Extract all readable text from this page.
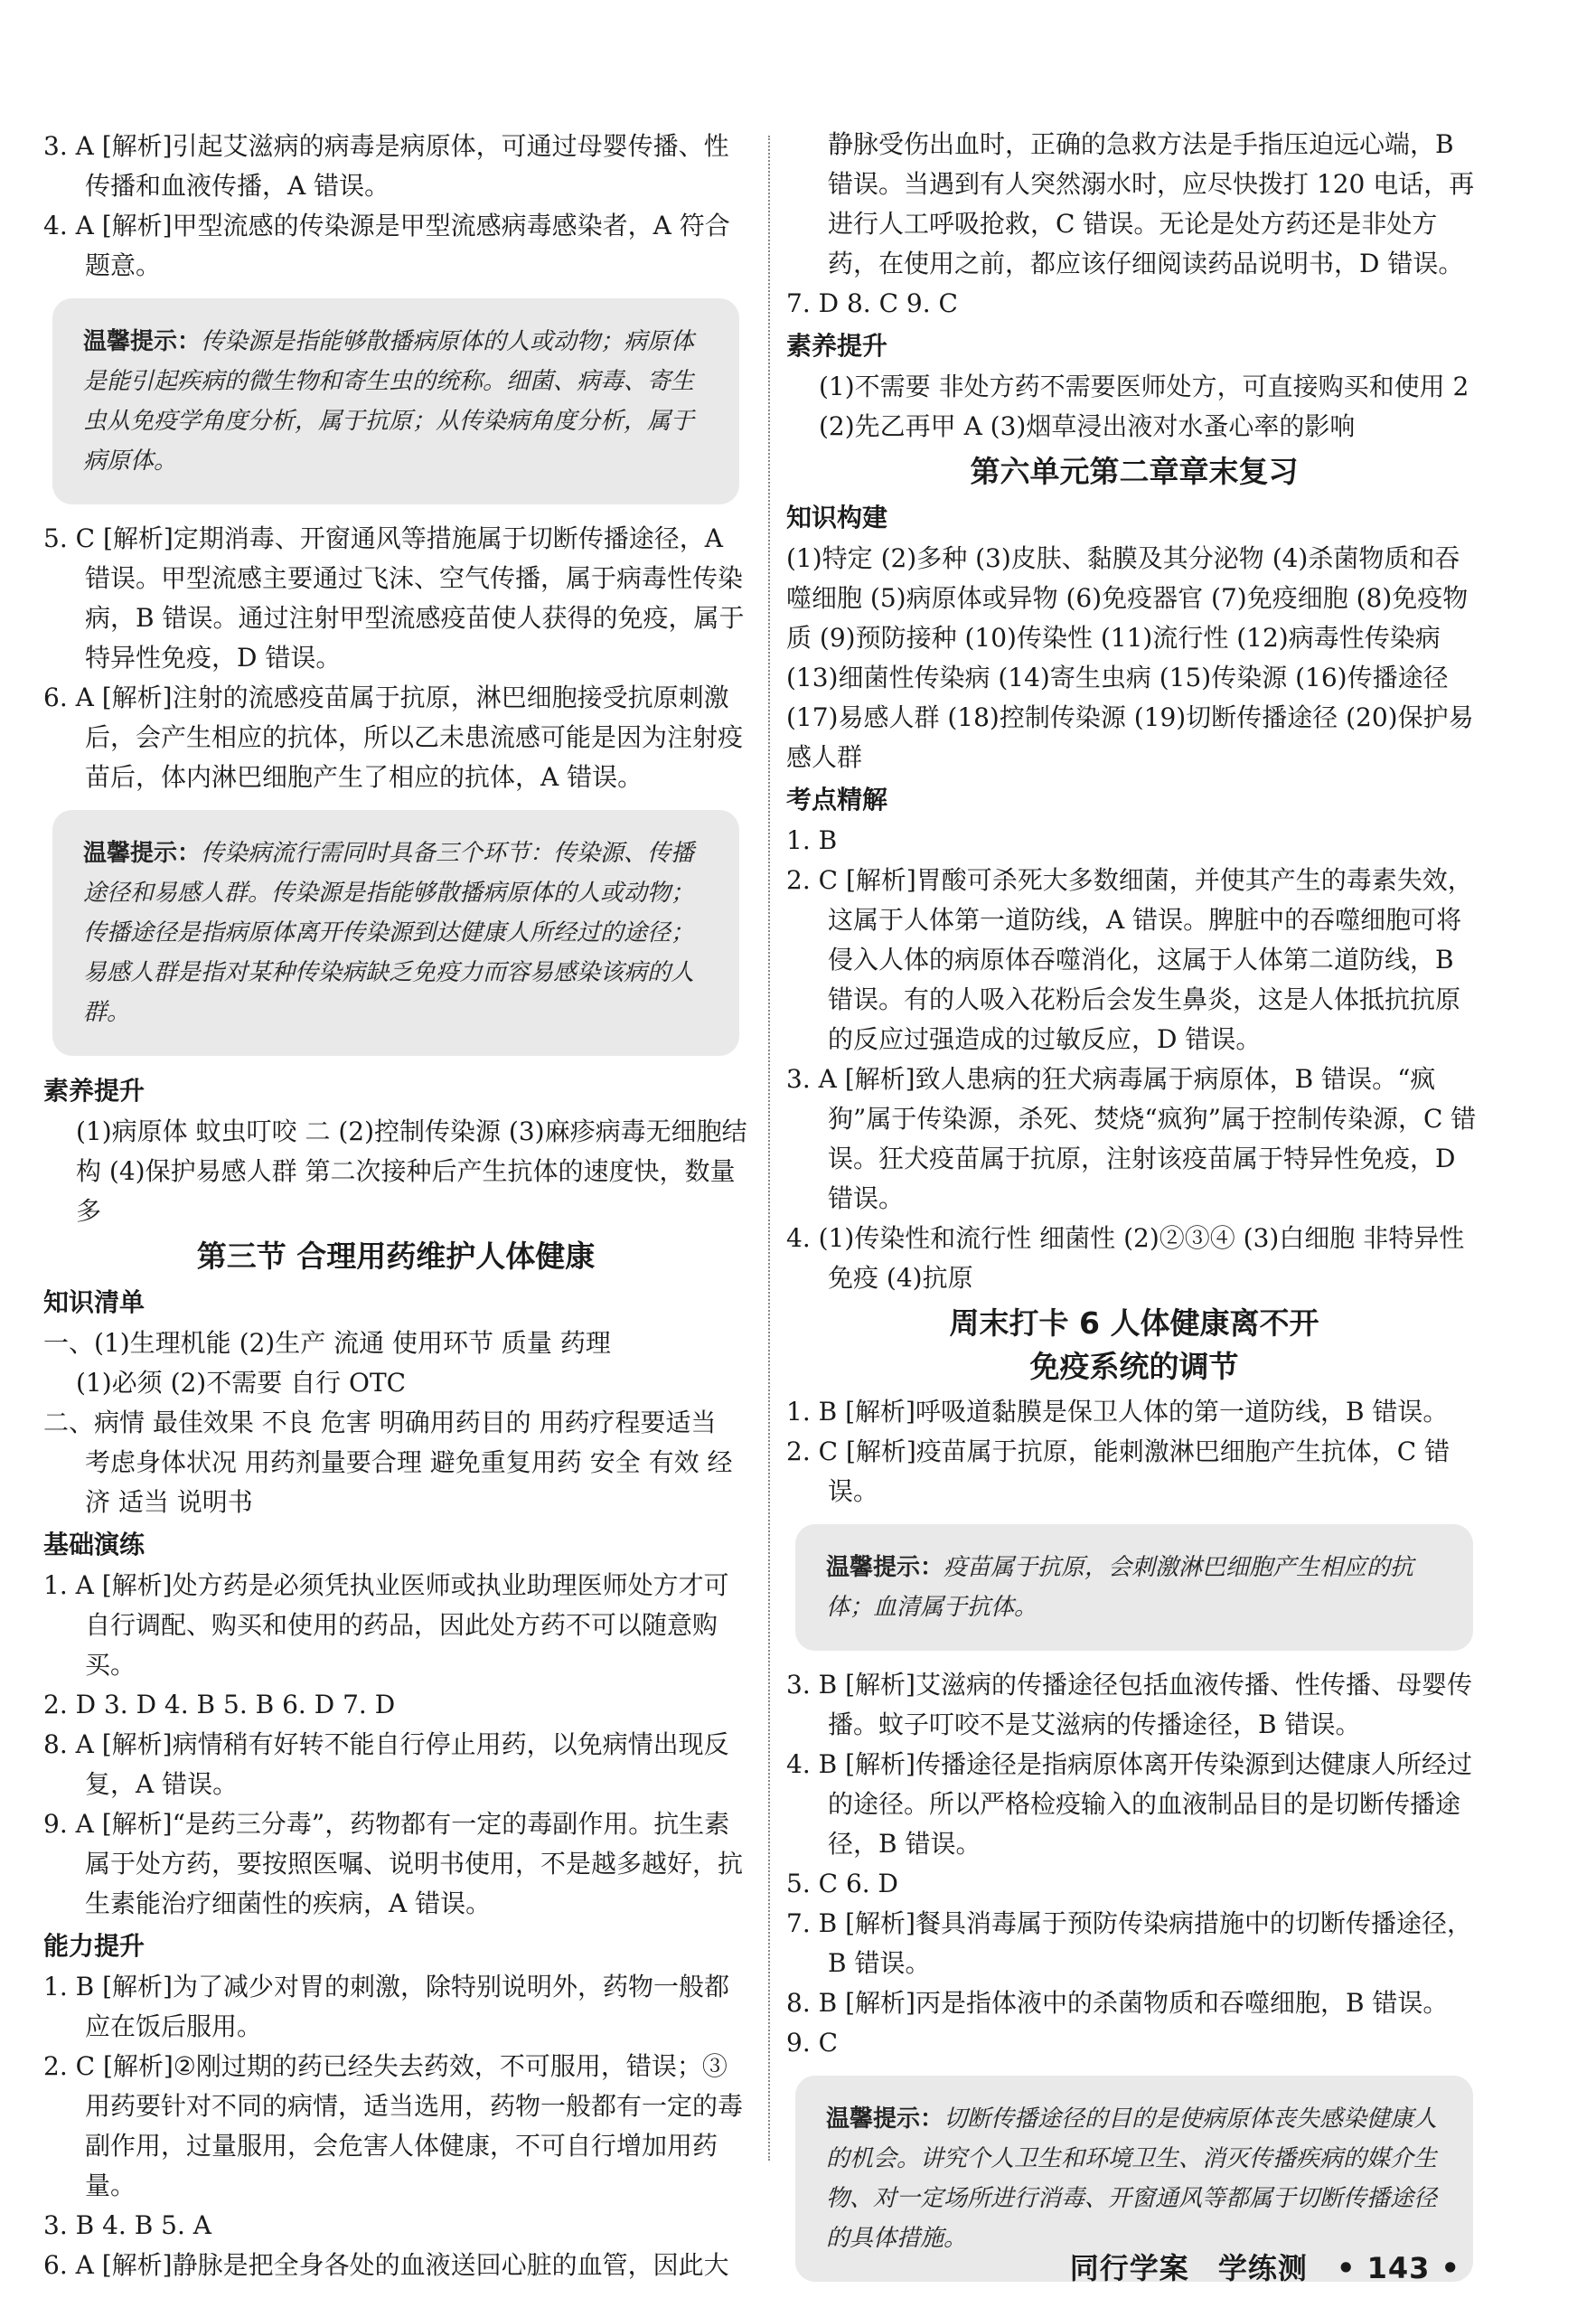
3. A [解析]引起艾滋病的病毒是病原体，可通过母婴传播、性传播和血液传播，A 错误。

4. A [解析]甲型流感的传染源是甲型流感病毒感染者，A 符合题意。

温馨提示：传染源是指能够散播病原体的人或动物；病原体是能引起疾病的微生物和寄生虫的统称。细菌、病毒、寄生虫从免疫学角度分析，属于抗原；从传染病角度分析，属于病原体。

5. C [解析]定期消毒、开窗通风等措施属于切断传播途径，A 错误。甲型流感主要通过飞沫、空气传播，属于病毒性传染病，B 错误。通过注射甲型流感疫苗使人获得的免疫，属于特异性免疫，D 错误。

6. A [解析]注射的流感疫苗属于抗原，淋巴细胞接受抗原刺激后，会产生相应的抗体，所以乙未患流感可能是因为注射疫苗后，体内淋巴细胞产生了相应的抗体，A 错误。

温馨提示：传染病流行需同时具备三个环节：传染源、传播途径和易感人群。传染源是指能够散播病原体的人或动物；传播途径是指病原体离开传染源到达健康人所经过的途径；易感人群是指对某种传染病缺乏免疫力而容易感染该病的人群。

素养提升

(1)病原体 蚊虫叮咬 二 (2)控制传染源 (3)麻疹病毒无细胞结构 (4)保护易感人群 第二次接种后产生抗体的速度快，数量多

第三节 合理用药维护人体健康

知识清单

一、(1)生理机能 (2)生产 流通 使用环节 质量 药理

(1)必须 (2)不需要 自行 OTC

二、病情 最佳效果 不良 危害 明确用药目的 用药疗程要适当 考虑身体状况 用药剂量要合理 避免重复用药 安全 有效 经济 适当 说明书

基础演练

1. A [解析]处方药是必须凭执业医师或执业助理医师处方才可自行调配、购买和使用的药品，因此处方药不可以随意购买。

2. D 3. D 4. B 5. B 6. D 7. D

8. A [解析]病情稍有好转不能自行停止用药，以免病情出现反复，A 错误。

9. A [解析]“是药三分毒”，药物都有一定的毒副作用。抗生素属于处方药，要按照医嘱、说明书使用，不是越多越好，抗生素能治疗细菌性的疾病，A 错误。

能力提升

1. B [解析]为了减少对胃的刺激，除特别说明外，药物一般都应在饭后服用。

2. C [解析]②刚过期的药已经失去药效，不可服用，错误；③用药要针对不同的病情，适当选用，药物一般都有一定的毒副作用，过量服用，会危害人体健康，不可自行增加用药量。

3. B 4. B 5. A

6. A [解析]静脉是把全身各处的血液送回心脏的血管，因此大

静脉受伤出血时，正确的急救方法是手指压迫远心端，B 错误。当遇到有人突然溺水时，应尽快拨打 120 电话，再进行人工呼吸抢救，C 错误。无论是处方药还是非处方药，在使用之前，都应该仔细阅读药品说明书，D 错误。

7. D 8. C 9. C

素养提升

(1)不需要 非处方药不需要医师处方，可直接购买和使用 2 (2)先乙再甲 A (3)烟草浸出液对水蚤心率的影响

第六单元第二章章末复习

知识构建

(1)特定 (2)多种 (3)皮肤、黏膜及其分泌物 (4)杀菌物质和吞噬细胞 (5)病原体或异物 (6)免疫器官 (7)免疫细胞 (8)免疫物质 (9)预防接种 (10)传染性 (11)流行性 (12)病毒性传染病 (13)细菌性传染病 (14)寄生虫病 (15)传染源 (16)传播途径 (17)易感人群 (18)控制传染源 (19)切断传播途径 (20)保护易感人群

考点精解

1. B

2. C [解析]胃酸可杀死大多数细菌，并使其产生的毒素失效，这属于人体第一道防线，A 错误。脾脏中的吞噬细胞可将侵入人体的病原体吞噬消化，这属于人体第二道防线，B 错误。有的人吸入花粉后会发生鼻炎，这是人体抵抗抗原的反应过强造成的过敏反应，D 错误。

3. A [解析]致人患病的狂犬病毒属于病原体，B 错误。“疯狗”属于传染源，杀死、焚烧“疯狗”属于控制传染源，C 错误。狂犬疫苗属于抗原，注射该疫苗属于特异性免疫，D 错误。

4. (1)传染性和流行性 细菌性 (2)②③④ (3)白细胞 非特异性免疫 (4)抗原

周末打卡 6 人体健康离不开

免疫系统的调节

1. B [解析]呼吸道黏膜是保卫人体的第一道防线，B 错误。

2. C [解析]疫苗属于抗原，能刺激淋巴细胞产生抗体，C 错误。

温馨提示：疫苗属于抗原，会刺激淋巴细胞产生相应的抗体；血清属于抗体。

3. B [解析]艾滋病的传播途径包括血液传播、性传播、母婴传播。蚊子叮咬不是艾滋病的传播途径，B 错误。

4. B [解析]传播途径是指病原体离开传染源到达健康人所经过的途径。所以严格检疫输入的血液制品目的是切断传播途径，B 错误。

5. C 6. D

7. B [解析]餐具消毒属于预防传染病措施中的切断传播途径，B 错误。

8. B [解析]丙是指体液中的杀菌物质和吞噬细胞，B 错误。

9. C

温馨提示：切断传播途径的目的是使病原体丧失感染健康人的机会。讲究个人卫生和环境卫生、消灭传播疾病的媒介生物、对一定场所进行消毒、开窗通风等都属于切断传播途径的具体措施。
同行学案 学练测 • 143 •
